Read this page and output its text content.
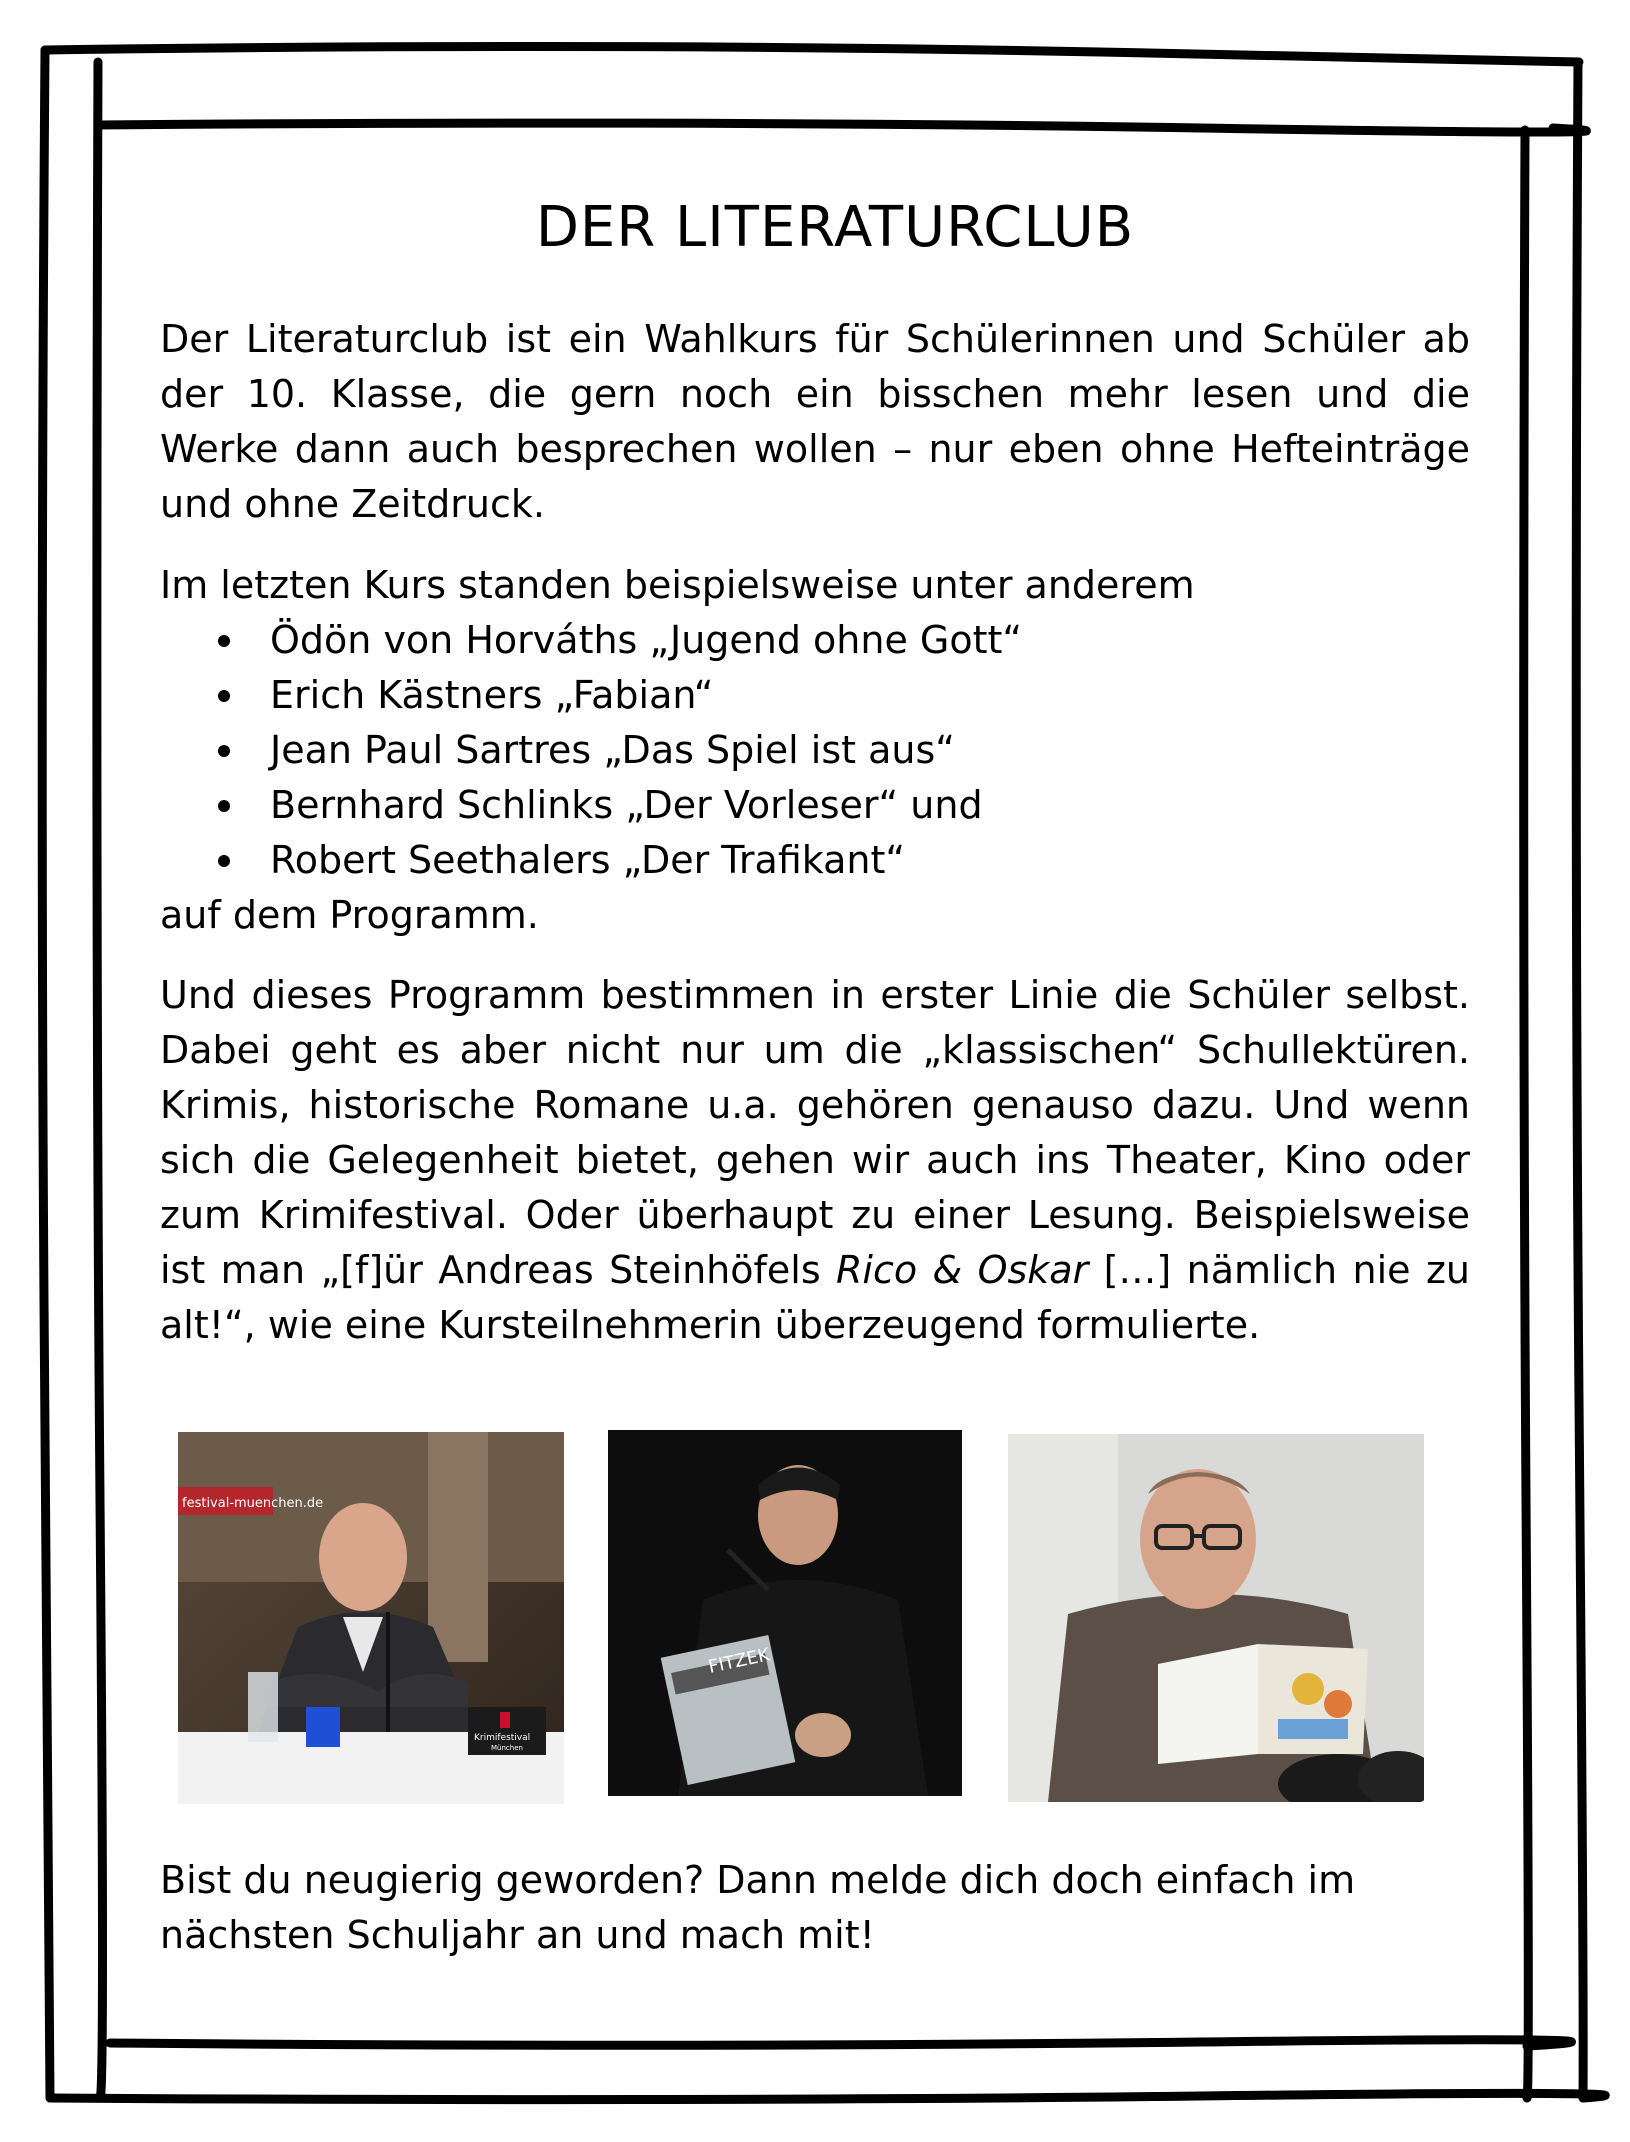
DER LITERATURCLUB

Der Literaturclub ist ein Wahlkurs für Schülerinnen und Schüler ab der 10. Klasse, die gern noch ein bisschen mehr lesen und die Werke dann auch besprechen wollen – nur eben ohne Hefteinträge und ohne Zeitdruck.

Im letzten Kurs standen beispielsweise unter anderem

Ödön von Horváths „Jugend ohne Gott“
Erich Kästners „Fabian“
Jean Paul Sartres „Das Spiel ist aus“
Bernhard Schlinks „Der Vorleser“ und
Robert Seethalers „Der Trafikant“

auf dem Programm.

Und dieses Programm bestimmen in erster Linie die Schüler selbst. Dabei geht es aber nicht nur um die „klassischen“ Schullektüren. Krimis, historische Romane u.a. gehören genauso dazu. Und wenn sich die Gelegenheit bietet, gehen wir auch ins Theater, Kino oder zum Krimifestival. Oder überhaupt zu einer Lesung. Beispielsweise ist man „[f]ür Andreas Steinhöfels Rico & Oskar […] nämlich nie zu alt!“, wie eine Kursteilnehmerin überzeugend formulierte.

festival-muenchen.de
Krimifestival
München
FITZEK

Bist du neugierig geworden? Dann melde dich doch einfach im nächsten Schuljahr an und mach mit!
